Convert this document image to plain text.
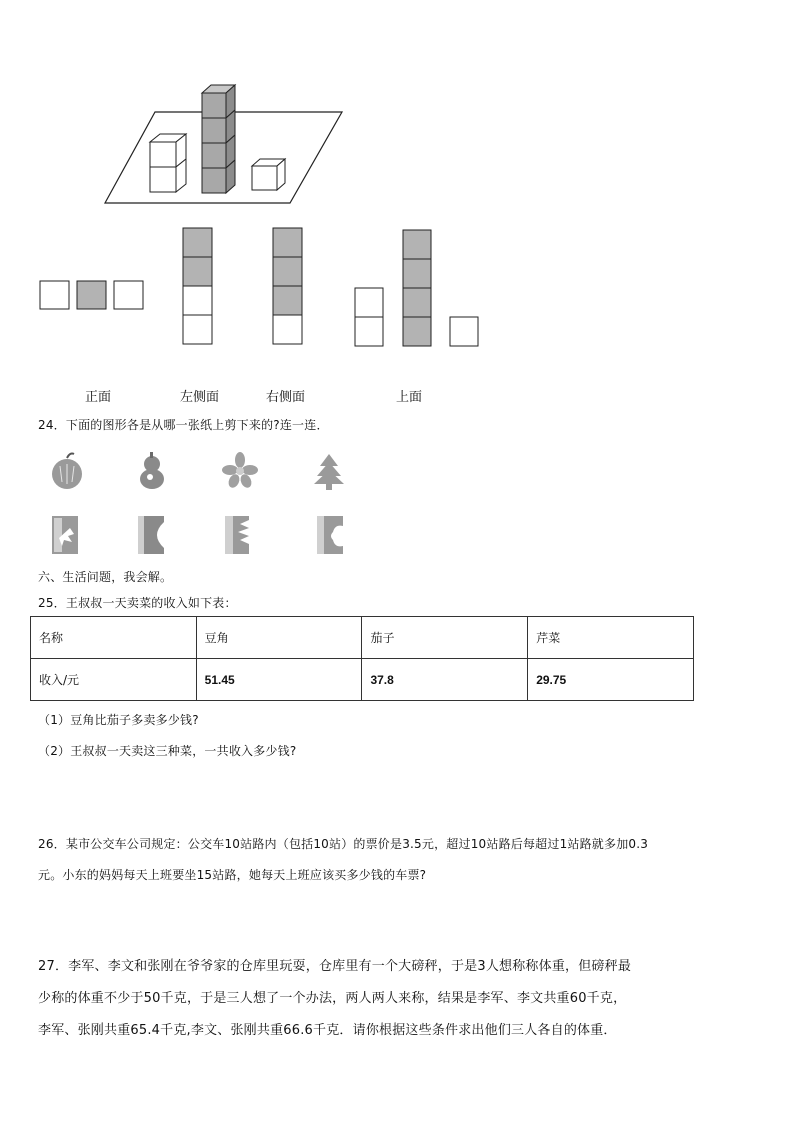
正面	左侧面	右侧面	上面
24．下面的图形各是从哪一张纸上剪下来的?连一连．
六、生活问题，我会解。
25．王叔叔一天卖菜的收入如下表：
名称	豆角	茄子	芹菜
收入/元	51.45	37.8	29.75
（1）豆角比茄子多卖多少钱?
（2）王叔叔一天卖这三种菜，一共收入多少钱?
26．某市公交车公司规定：公交车10站路内（包括10站）的票价是3.5元，超过10站路后每超过1站路就多加0.3
元。小东的妈妈每天上班要坐15站路，她每天上班应该买多少钱的车票?
27．李军、李文和张刚在爷爷家的仓库里玩耍，仓库里有一个大磅秤，于是3人想称称体重，但磅秤最
少称的体重不少于50千克，于是三人想了一个办法，两人两人来称，结果是李军、李文共重60千克，
李军、张刚共重65.4千克,李文、张刚共重66.6千克．请你根据这些条件求出他们三人各自的体重．
